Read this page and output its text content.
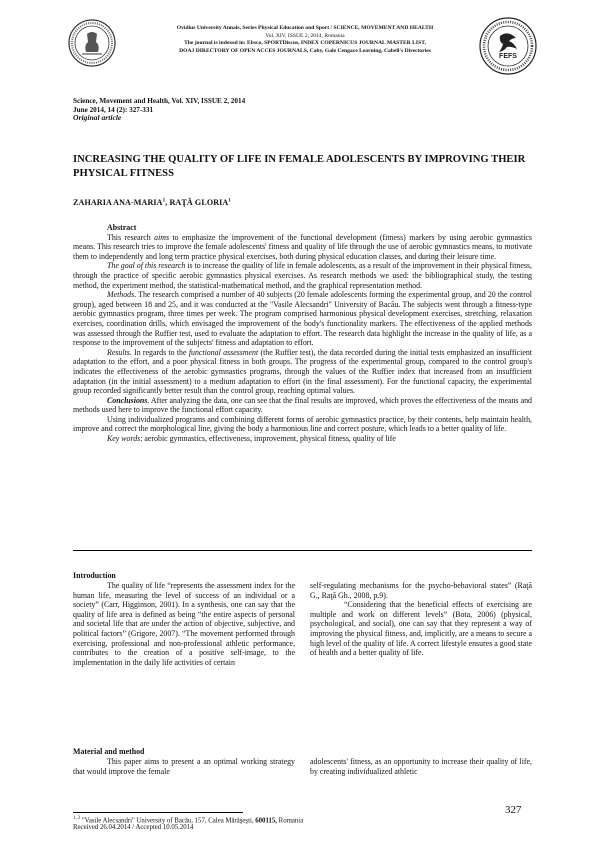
FEFS
Ovidius University Annals, Series Physical Education and Sport / SCIENCE, MOVEMENT AND HEALTH
Vol. XIV, ISSUE 2, 2014, Romania
The journal is indexed in: Ebsco, SPORTDiscus, INDEX COPERNICUS JOURNAL MASTER LIST,
DOAJ DIRECTORY OF OPEN ACCES JOURNALS, Caby, Gale Cengace Learning, Cabell's Directories
Science, Movement and Health, Vol. XIV, ISSUE 2, 2014
June 2014, 14 (2): 327-331
Original article
INCREASING THE QUALITY OF LIFE IN FEMALE ADOLESCENTS BY IMPROVING THEIR PHYSICAL FITNESS
ZAHARIA ANA-MARIA$^1$, RAŢĂ GLORIA$^1$
Abstract

This research aims to emphasize the improvement of the functional development (fitness) markers by using aerobic gymnastics means. This research tries to improve the female adolescents' fitness and quality of life through the use of aerobic gymnastics means, to motivate them to independently and long term practice physical exercises, both during physical education classes, and during their leisure time.

The goal of this research is to increase the quality of life in female adolescents, as a result of the improvement in their physical fitness, through the practice of specific aerobic gymnastics physical exercises. As research methods we used: the bibliographical study, the testing method, the experiment method, the statistical-mathematical method, and the graphical representation method.

Methods. The research comprised a number of 40 subjects (20 female adolescents forming the experimental group, and 20 the control group), aged between 18 and 25, and it was conducted at the "Vasile Alecsandri" University of Bacău. The subjects went through a fitness-type aerobic gymnastics program, three times per week. The program comprised harmonious physical development exercises, stretching, relaxation exercises, coordination drills, which envisaged the improvement of the body's functionality markers. The effectiveness of the applied methods was assessed through the Ruffier test, used to evaluate the adaptation to effort. The research data highlight the increase in the quality of life, as a response to the improvement of the subjects' fitness and adaptation to effort.

Results. In regards to the functional assessment (the Ruffier test), the data recorded during the initial tests emphasized an insufficient adaptation to the effort, and a poor physical fitness in both groups. The progress of the experimental group, compared to the control group's indicates the effectiveness of the aerobic gymnastics programs, through the values of the Ruffier index that increased from an insufficient adaptation (in the initial assessment) to a medium adaptation to effort (in the final assessment). For the functional capacity, the experimental group recorded significantly better result than the control group, reaching optimal values.

Conclusions. After analyzing the data, one can see that the final results are improved, which proves the effectiveness of the means and methods used here to improve the functional effort capacity.

Using individualized programs and combining different forms of aerobic gymnastics practice, by their contents, help maintain health, improve and correct the morphological line, giving the body a harmonious line and correct posture, which leads to a better quality of life.

Key words: aerobic gymnastics, effectiveness, improvement, physical fitness, quality of life

Introduction

The quality of life “represents the assessment index for the human life, measuring the level of success of an individual or a society” (Carr, Higginson, 2001). In a synthesis, one can say that the quality of life area is defined as being “the entire aspects of personal and societal life that are under the action of objective, subjective, and political factors” (Grigore, 2007). “The movement performed through exercising, professional and non-professional athletic performance, contributes to the creation of a positive self-image, to the implementation in the daily life activities of certain

self-regulating mechanisms for the psycho-behavioral states” (Raţă G., Raţă Gh., 2008, p.9).

“Considering that the beneficial effects of exercising are multiple and work on different levels” (Bota, 2006) (physical, psychological, and social), one can say that they represent a way of improving the physical fitness, and, implicitly, are a means to secure a high level of the quality of life. A correct lifestyle ensures a good state of health and a better quality of life.

Material and method

This paper aims to present a an optimal working strategy that would improve the female

adolescents' fitness, as an opportunity to increase their quality of life, by creating individualized athletic

$^{1, 2}$ "Vasile Alecsandri" University of Bacău, 157, Calea Mărăşeşti, 600115, Romania
Received 26.04.2014 / Accepted 10.05.2014
327
